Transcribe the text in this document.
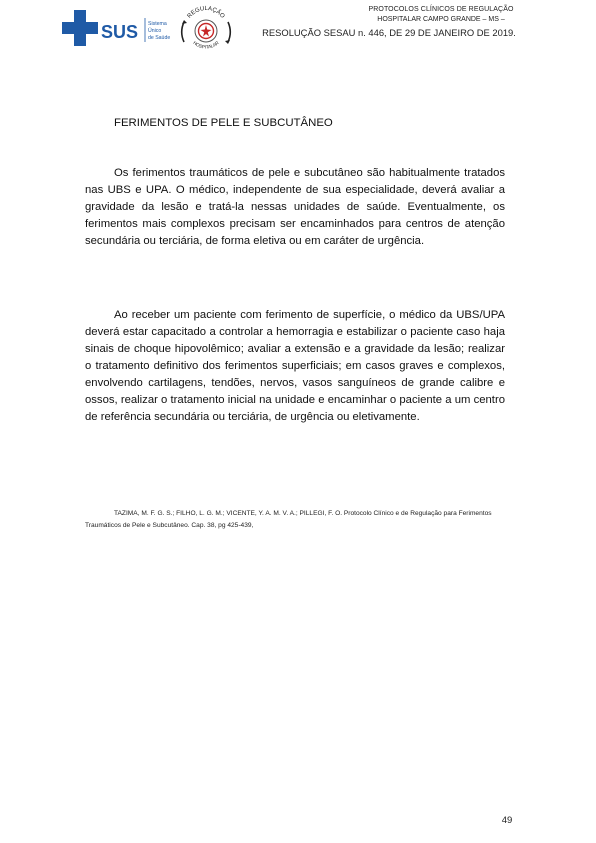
SUS Sistema
Único
de Saúde
REGULAÇÃO
HOSPITALAR
PROTOCOLOS CLÍNICOS DE REGULAÇÃO
HOSPITALAR CAMPO GRANDE – MS –
RESOLUÇÃO SESAU n. 446, DE 29 DE JANEIRO DE 2019.
FERIMENTOS DE PELE E SUBCUTÂNEO

Os ferimentos traumáticos de pele e subcutâneo são habitualmente tratados nas UBS e UPA. O médico, independente de sua especialidade, deverá avaliar a gravidade da lesão e tratá-la nessas unidades de saúde. Eventualmente, os ferimentos mais complexos precisam ser encaminhados para centros de atenção secundária ou terciária, de forma eletiva ou em caráter de urgência.

Ao receber um paciente com ferimento de superfície, o médico da UBS/UPA deverá estar capacitado a controlar a hemorragia e estabilizar o paciente caso haja sinais de choque hipovolêmico; avaliar a extensão e a gravidade da lesão; realizar o tratamento definitivo dos ferimentos superficiais; em casos graves e complexos, envolvendo cartilagens, tendões, nervos, vasos sanguíneos de grande calibre e ossos, realizar o tratamento inicial na unidade e encaminhar o paciente a um centro de referência secundária ou terciária, de urgência ou eletivamente.

TAZIMA, M. F. G. S.; FILHO, L. G. M.; VICENTE, Y. A. M. V. A.; PILLEGI, F. O. Protocolo Clínico e de Regulação para Ferimentos Traumáticos de Pele e Subcutâneo. Cap. 38, pg 425-439,

49
